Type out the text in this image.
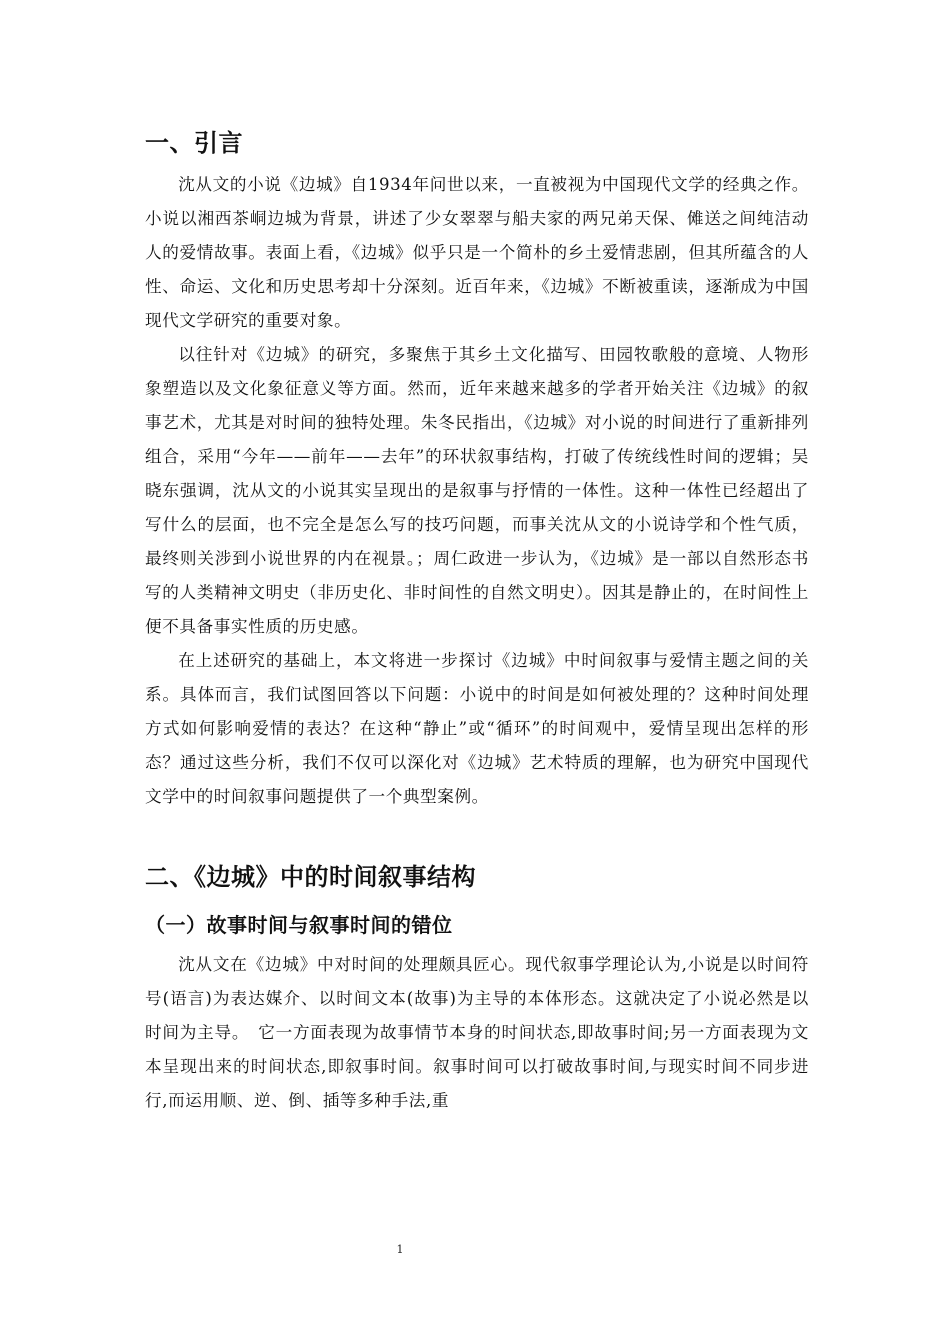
一、引言

沈从文的小说《边城》自1934年问世以来，一直被视为中国现代文学的经典之作。小说以湘西茶峒边城为背景，讲述了少女翠翠与船夫家的两兄弟天保、傩送之间纯洁动人的爱情故事。表面上看，《边城》似乎只是一个简朴的乡土爱情悲剧，但其所蕴含的人性、命运、文化和历史思考却十分深刻。近百年来，《边城》不断被重读，逐渐成为中国现代文学研究的重要对象。

以往针对《边城》的研究，多聚焦于其乡土文化描写、田园牧歌般的意境、人物形象塑造以及文化象征意义等方面。然而，近年来越来越多的学者开始关注《边城》的叙事艺术，尤其是对时间的独特处理。朱冬民指出，《边城》对小说的时间进行了重新排列组合，采用“今年——前年——去年”的环状叙事结构，打破了传统线性时间的逻辑；吴晓东强调，沈从文的小说其实呈现出的是叙事与抒情的一体性。这种一体性已经超出了写什么的层面，也不完全是怎么写的技巧问题，而事关沈从文的小说诗学和个性气质，最终则关涉到小说世界的内在视景。；周仁政进一步认为，《边城》是一部以自然形态书写的人类精神文明史（非历史化、非时间性的自然文明史）。因其是静止的，在时间性上便不具备事实性质的历史感。

在上述研究的基础上，本文将进一步探讨《边城》中时间叙事与爱情主题之间的关系。具体而言，我们试图回答以下问题：小说中的时间是如何被处理的？这种时间处理方式如何影响爱情的表达？在这种“静止”或“循环”的时间观中，爱情呈现出怎样的形态？通过这些分析，我们不仅可以深化对《边城》艺术特质的理解，也为研究中国现代文学中的时间叙事问题提供了一个典型案例。

二、《边城》中的时间叙事结构
（一）故事时间与叙事时间的错位

沈从文在《边城》中对时间的处理颇具匠心。现代叙事学理论认为,小说是以时间符号(语言)为表达媒介、以时间文本(故事)为主导的本体形态。这就决定了小说必然是以时间为主导。　它一方面表现为故事情节本身的时间状态,即故事时间;另一方面表现为文本呈现出来的时间状态,即叙事时间。叙事时间可以打破故事时间,与现实时间不同步进行,而运用顺、逆、倒、插等多种手法,重

1
